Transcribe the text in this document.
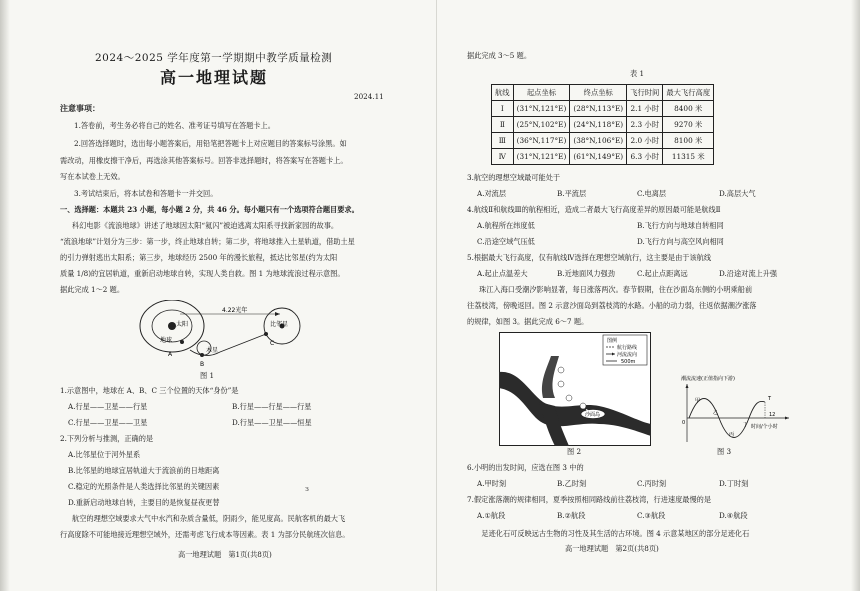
2024～2025 学年度第一学期期中教学质量检测
高一地理试题
2024.11
注意事项：
1.答卷前，考生务必将自己的姓名、准考证号填写在答题卡上。
2.回答选择题时，选出每小题答案后，用铅笔把答题卡上对应题目的答案标号涂黑。如
需改动，用橡皮擦干净后，再选涂其他答案标号。回答非选择题时，将答案写在答题卡上。
写在本试卷上无效。
3.考试结束后，将本试卷和答题卡一并交回。
一、选择题：本题共 23 小题，每小题 2 分，共 46 分。每小题只有一个选项符合题目要求。
科幻电影《流浪地球》讲述了地球因太阳“氦闪”被迫逃离太阳系寻找新家园的故事。
“流浪地球”计划分为三步：第一步，终止地球自转；第二步，将地球推入土星轨道，借助土星
的引力弹射逃出太阳系；第三步，地球经历 2500 年的漫长旅程，抵达比邻星(约为太阳
质量 1/8)的宜居轨道，重新启动地球自转，实现人类自救。图 1 为地球流浪过程示意图。
据此完成 1～2 题。
太阳
地球
木星
比邻星
4.22光年
A
B
C
图 1
1.示意图中，地球在 A、B、C 三个位置的天体“身份”是
A.行星——卫星——行星	B.行星——行星——行星
C.行星——卫星——卫星	D.行星——卫星——恒星
2.下列分析与推测，正确的是
A.比邻星位于河外星系
B.比邻星的地球宜居轨道大于流浪前的日地距离
C.稳定的光照条件是人类选择比邻星的关键因素
D.重新启动地球自转，主要目的是恢复昼夜更替
з
航空的理想空域要求大气中水汽和杂质含量低，阴雨少，能见度高。民航客机的最大飞
行高度除不可能地接近理想空域外，还需考虑飞行成本等因素。表 1 为部分民航班次信息。
高一地理试题　第1页(共8页)
据此完成 3～5 题。
表 1
航线	起点坐标	终点坐标	飞行时间	最大飞行高度
Ⅰ	(31°N,121°E)	(28°N,113°E)	2.1 小时	8400 米
Ⅱ	(25°N,102°E)	(24°N,118°E)	2.3 小时	9270 米
Ⅲ	(36°N,117°E)	(38°N,106°E)	2.0 小时	8100 米
Ⅳ	(31°N,121°E)	(61°N,149°E)	6.3 小时	11315 米
3.航空的理想空域最可能处于
A.对流层	B.平流层	C.电离层	D.高层大气
4.航线Ⅱ和航线Ⅲ的航程相近，造成二者最大飞行高度差异的原因最可能是航线Ⅱ
A.航程所在纬度低	B.飞行方向与地球自转相同
C.沿途空域气压低	D.飞行方向与高空风向相同
5.根据最大飞行高度，仅有航线Ⅳ选择在理想空域航行，这主要是由于该航线
A.起止点温差大	B.近地面风力强劲	C.起止点距离远	D.沿途对流上升强
珠江入海口受潮汐影响显著，每日涨落两次。春节假期，住在沙面岛东侧的小明乘船前
往荔枝湾，傍晚返回。图 2 示意沙面岛到荔枝湾的水路。小船的动力弱，往返依据潮汐涨落
的规律，如图 3。据此完成 6～7 题。
图例
航行路线
河流流向
500m
沙面岛
图 2
潮流流速(正值指向下游)
T
甲
乙
丙
丁
0
12
时间/个小时
图 3
6.小明的出发时间，应选在图 3 中的
A.甲时刻	B.乙时刻	C.丙时刻	D.丁时刻
7.假定涨落潮的规律相同，夏季按照相同路线前往荔枝湾，行进速度最慢的是
A.①航段	B.②航段	C.③航段	D.④航段
　　足迹化石可反映远古生物的习性及其生活的古环境。图 4 示意某地区的部分足迹化石
高一地理试题　第2页(共8页)
